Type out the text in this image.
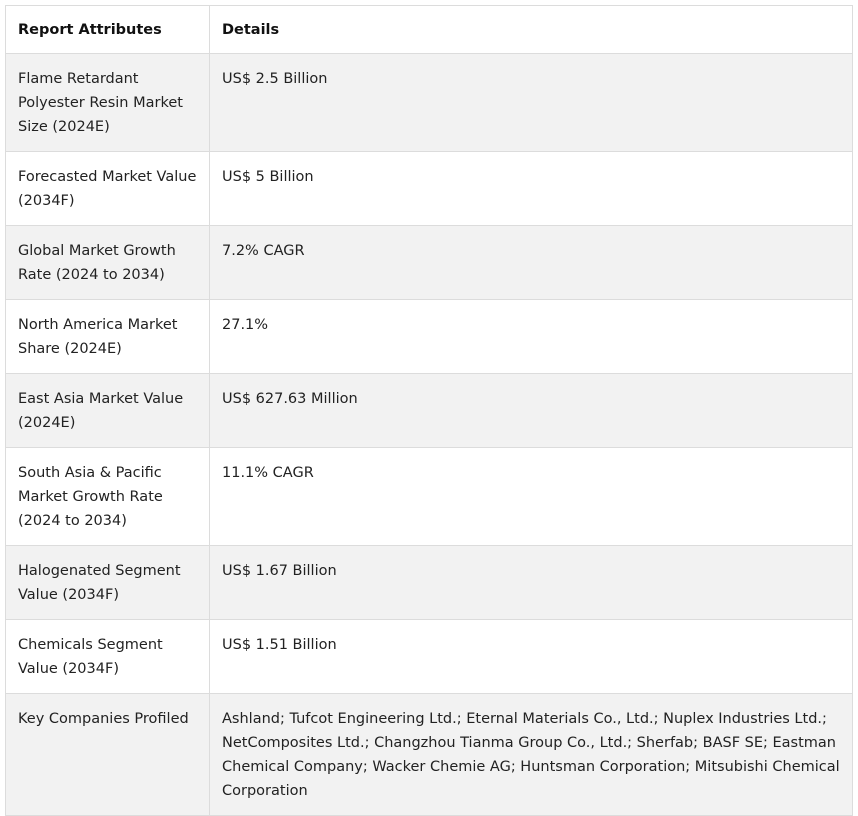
Report Attributes	Details
Flame Retardant Polyester Resin Market Size (2024E)	US$ 2.5 Billion
Forecasted Market Value (2034F)	US$ 5 Billion
Global Market Growth Rate (2024 to 2034)	7.2% CAGR
North America Market Share (2024E)	27.1%
East Asia Market Value (2024E)	US$ 627.63 Million
South Asia & Pacific Market Growth Rate (2024 to 2034)	11.1% CAGR
Halogenated Segment Value (2034F)	US$ 1.67 Billion
Chemicals Segment Value (2034F)	US$ 1.51 Billion
Key Companies Profiled	Ashland; Tufcot Engineering Ltd.; Eternal Materials Co., Ltd.; Nuplex Industries Ltd.; NetComposites Ltd.; Changzhou Tianma Group Co., Ltd.; Sherfab; BASF SE; Eastman Chemical Company; Wacker Chemie AG; Huntsman Corporation; Mitsubishi Chemical Corporation
